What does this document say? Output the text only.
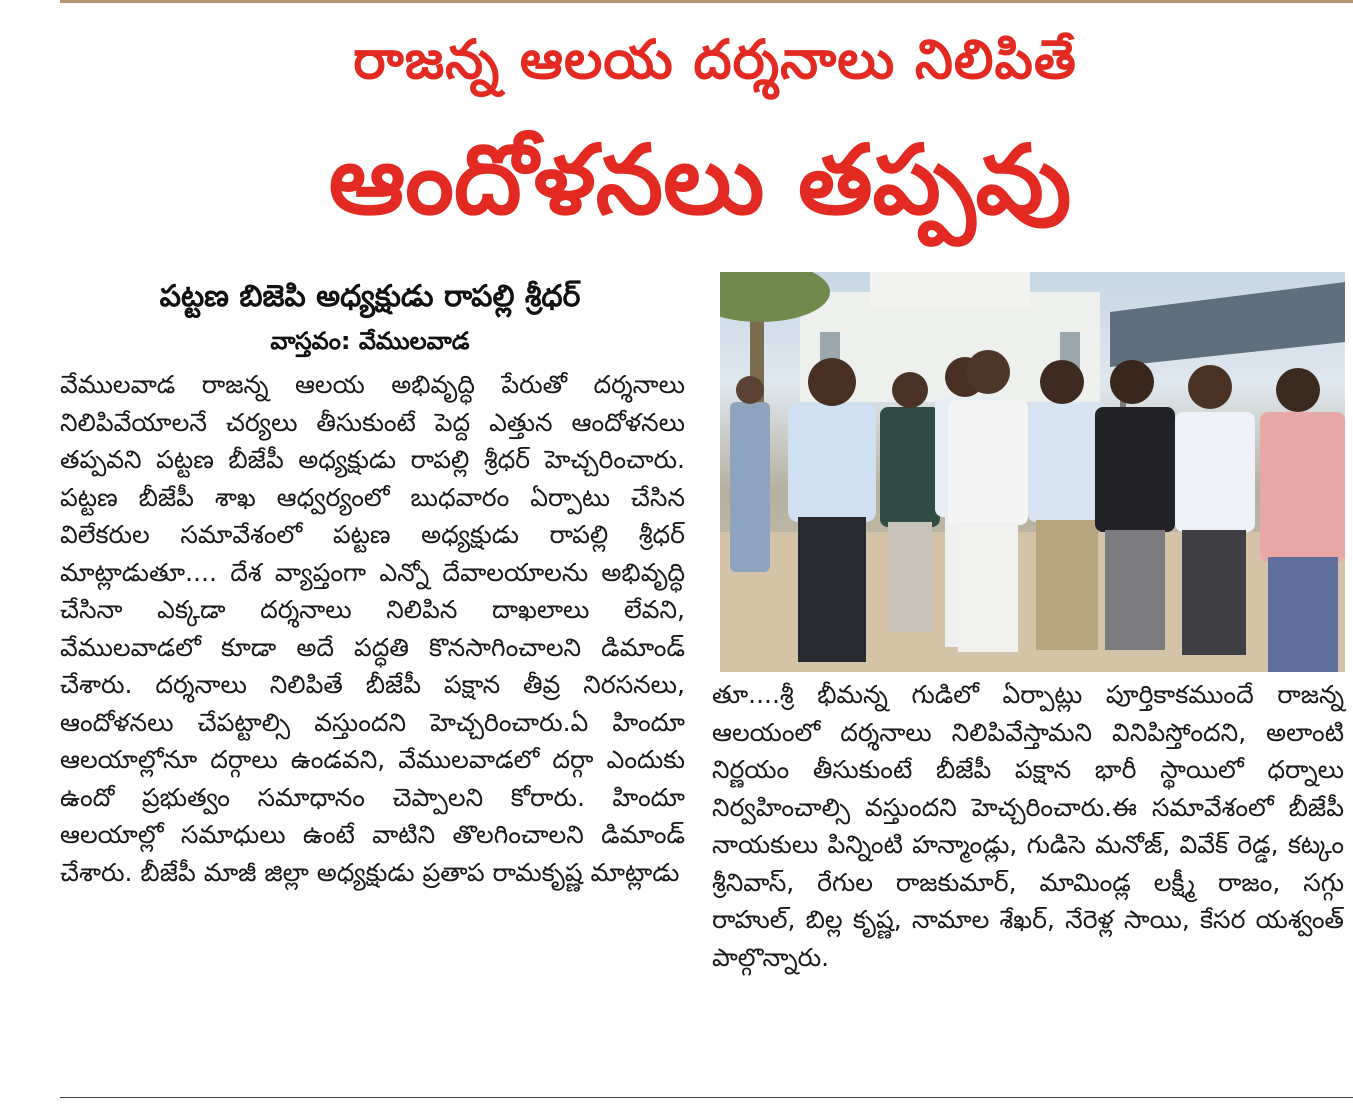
రాజన్న ఆలయ దర్శనాలు నిలిపితే
ఆందోళనలు తప్పవు
పట్టణ బిజెపి అధ్యక్షుడు రాపల్లి శ్రీధర్
వాస్తవం: వేములవాడ

వేములవాడ రాజన్న ఆలయ అభివృద్ధి పేరుతో దర్శనాలు నిలిపివేయాలనే చర్యలు తీసుకుంటే పెద్ద ఎత్తున ఆందోళనలు తప్పవని పట్టణ బీజేపీ అధ్యక్షుడు రాపల్లి శ్రీధర్ హెచ్చరించారు. పట్టణ బీజేపీ శాఖ ఆధ్వర్యంలో బుధవారం ఏర్పాటు చేసిన విలేకరుల సమావేశంలో పట్టణ అధ్యక్షుడు రాపల్లి శ్రీధర్ మాట్లాడుతూ.... దేశ వ్యాప్తంగా ఎన్నో దేవాలయాలను అభివృద్ధి చేసినా ఎక్కడా దర్శనాలు నిలిపిన దాఖలాలు లేవని, వేములవాడలో కూడా అదే పద్ధతి కొనసాగించాలని డిమాండ్ చేశారు. దర్శనాలు నిలిపితే బీజేపీ పక్షాన తీవ్ర నిరసనలు, ఆందోళనలు చేపట్టాల్సి వస్తుందని హెచ్చరించారు.ఏ హిందూ ఆలయాల్లోనూ దర్గాలు ఉండవని, వేములవాడలో దర్గా ఎందుకు ఉందో ప్రభుత్వం సమాధానం చెప్పాలని కోరారు. హిందూ ఆలయాల్లో సమాధులు ఉంటే వాటిని తొలగించాలని డిమాండ్ చేశారు. బీజేపీ మాజీ జిల్లా అధ్యక్షుడు ప్రతాప రామకృష్ణ మాట్లాడు

తూ....శ్రీ భీమన్న గుడిలో ఏర్పాట్లు పూర్తికాకముందే రాజన్న ఆలయంలో దర్శనాలు నిలిపివేస్తామని వినిపిస్తోందని, అలాంటి నిర్ణయం తీసుకుంటే బీజేపీ పక్షాన భారీ స్థాయిలో ధర్నాలు నిర్వహించాల్సి వస్తుందని హెచ్చరించారు.ఈ సమావేశంలో బీజేపీ నాయకులు పిన్నింటి హన్మాండ్లు, గుడిసె మనోజ్, వివేక్ రెడ్డ, కట్కం శ్రీనివాస్, రేగుల రాజకుమార్, మామిండ్ల లక్ష్మీ రాజం, సగ్గు రాహుల్, బిల్ల కృష్ణ, నామాల శేఖర్, నేరెళ్ల సాయి, కేసర యశ్వంత్ పాల్గొన్నారు.
